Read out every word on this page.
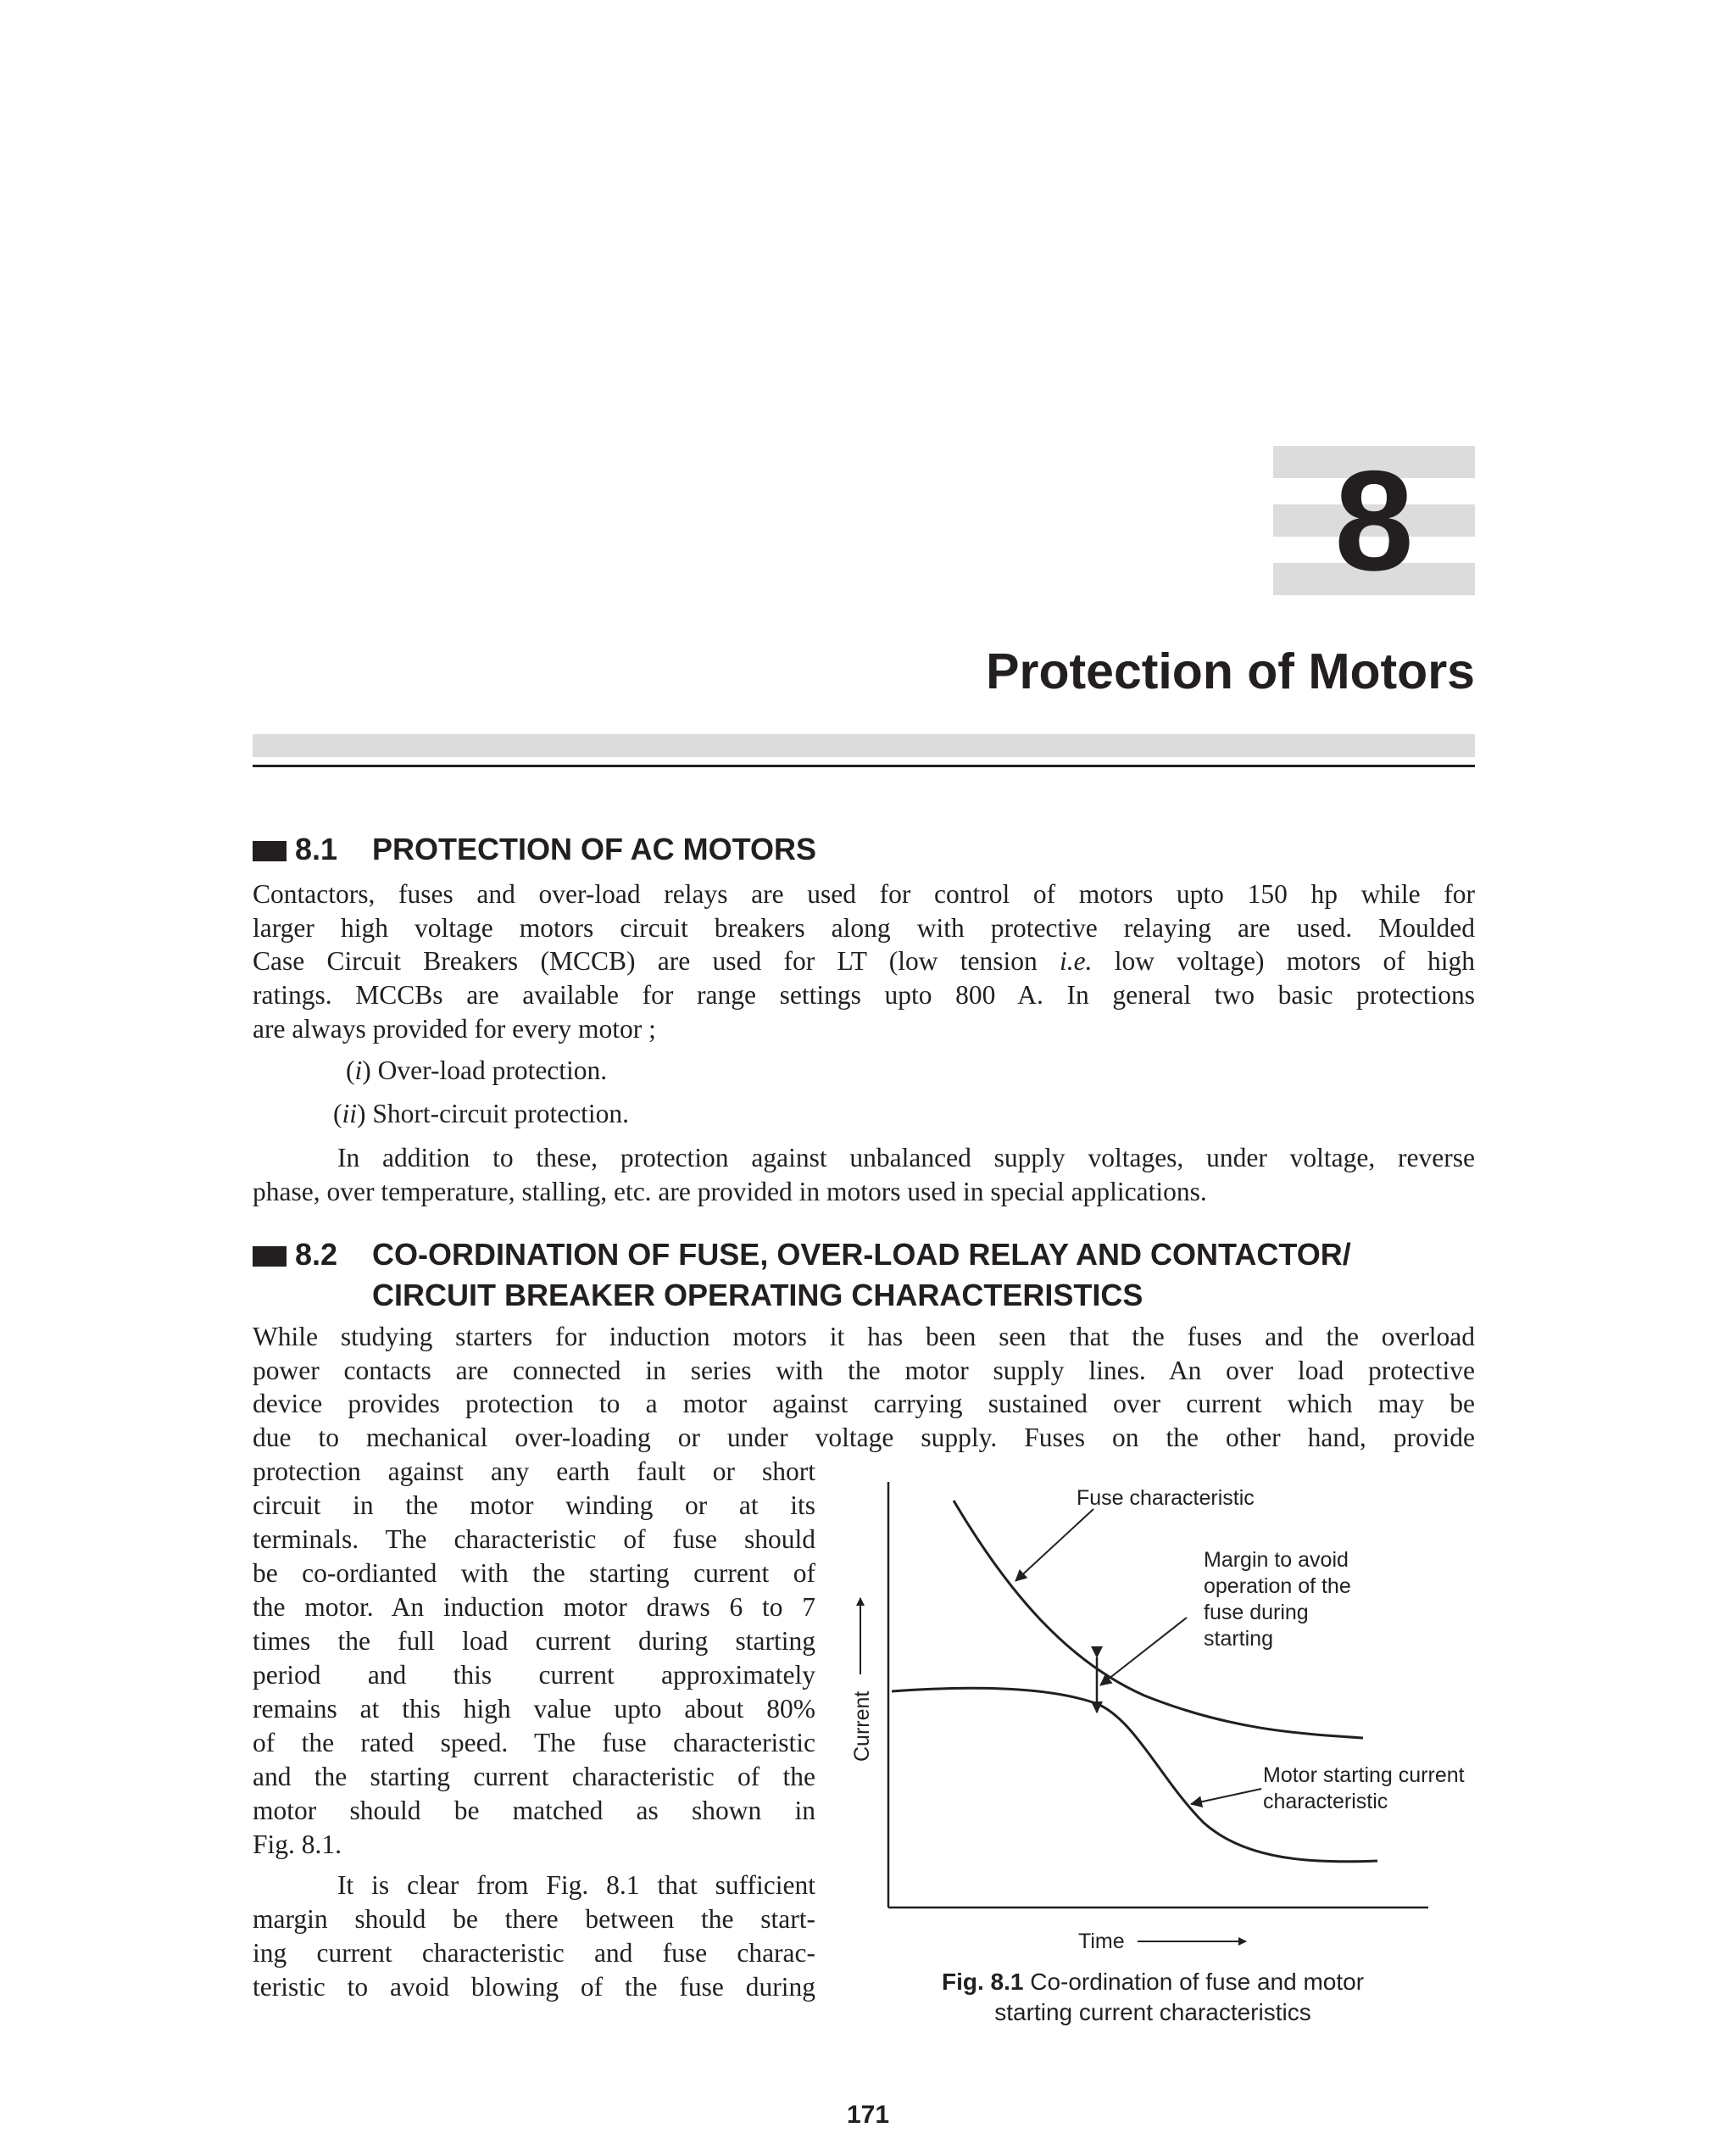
8
Protection of Motors
8.1 PROTECTION OF AC MOTORS
Contactors, fuses and over-load relays are used for control of motors upto 150 hp while for
larger high voltage motors circuit breakers along with protective relaying are used. Moulded
Case Circuit Breakers (MCCB) are used for LT (low tension i.e. low voltage) motors of high
ratings. MCCBs are available for range settings upto 800 A. In general two basic protections
are always provided for every motor ;
(i) Over-load protection.
(ii) Short-circuit protection.
In addition to these, protection against unbalanced supply voltages, under voltage, reverse
phase, over temperature, stalling, etc. are provided in motors used in special applications.
8.2 CO-ORDINATION OF FUSE, OVER-LOAD RELAY AND CONTACTOR/
CIRCUIT BREAKER OPERATING CHARACTERISTICS
While studying starters for induction motors it has been seen that the fuses and the overload
power contacts are connected in series with the motor supply lines. An over load protective
device provides protection to a motor against carrying sustained over current which may be
due to mechanical over-loading or under voltage supply. Fuses on the other hand, provide
protection against any earth fault or short
circuit in the motor winding or at its
terminals. The characteristic of fuse should
be co-ordianted with the starting current of
the motor. An induction motor draws 6 to 7
times the full load current during starting
period and this current approximately
remains at this high value upto about 80%
of the rated speed. The fuse characteristic
and the starting current characteristic of the
motor should be matched as shown in
Fig. 8.1.
It is clear from Fig. 8.1 that sufficient
margin should be there between the start-
ing current characteristic and fuse charac-
teristic to avoid blowing of the fuse during
Current
Time
Fuse characteristic
Margin to avoid
operation of the
fuse during
starting
Motor starting current
characteristic
Fig. 8.1 Co-ordination of fuse and motor
starting current characteristics
171
